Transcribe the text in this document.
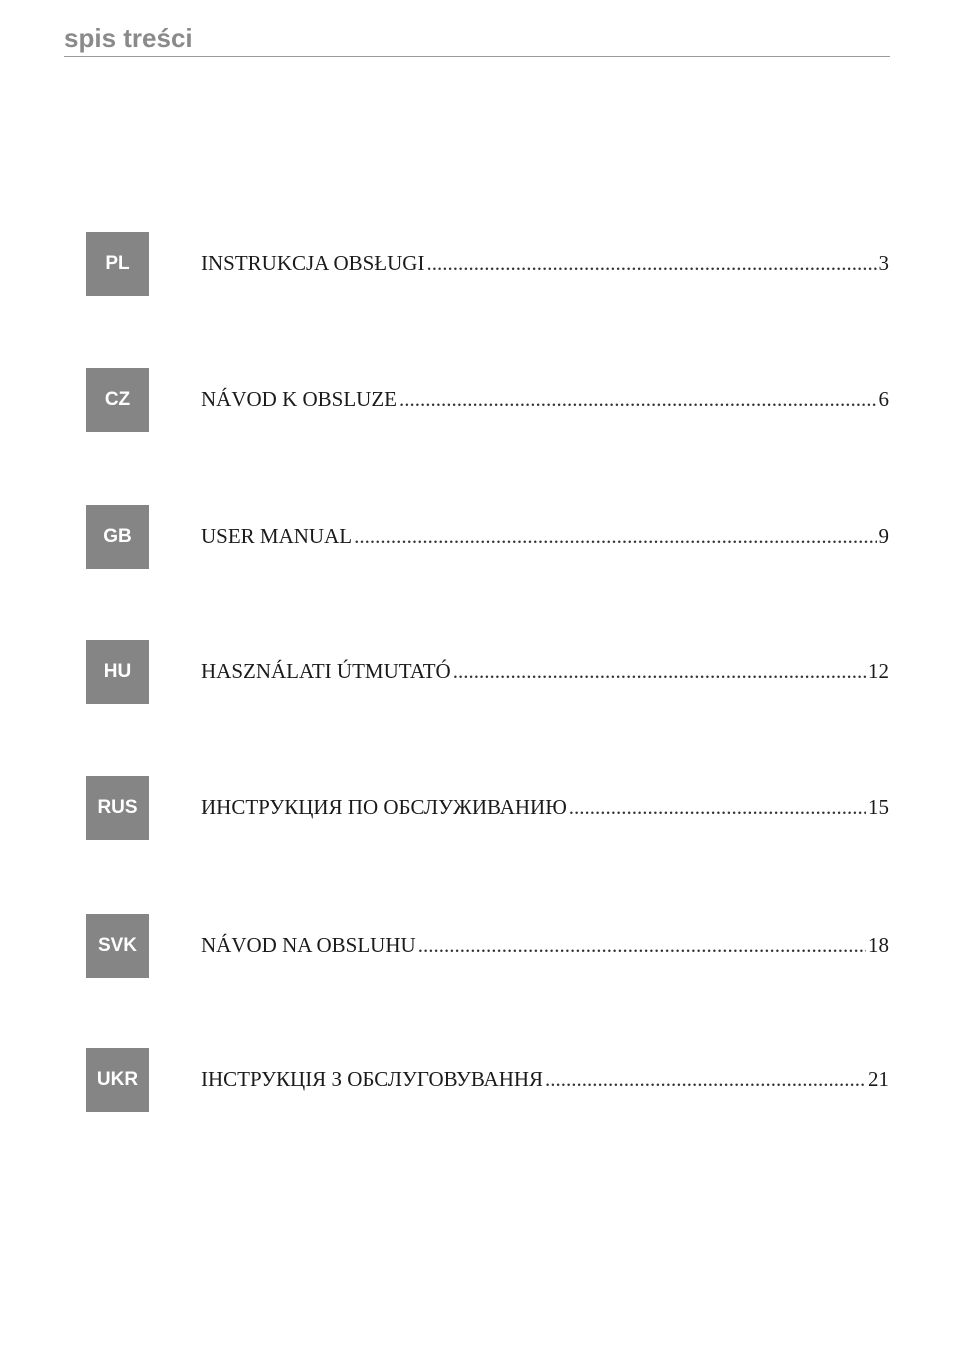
spis treści
PL	INSTRUKCJA OBSŁUGI .....	3
CZ	NÁVOD K OBSLUZE .....	6
GB	USER MANUAL .....	9
HU	HASZNÁLATI ÚTMUTATÓ .....	12
RUS	ИНСТРУКЦИЯ ПО ОБСЛУЖИВАНИЮ .....	15
SVK	NÁVOD NA OBSLUHU .....	18
UKR	ІНСТРУКЦІЯ З ОБСЛУГОВУВАННЯ .....	21
